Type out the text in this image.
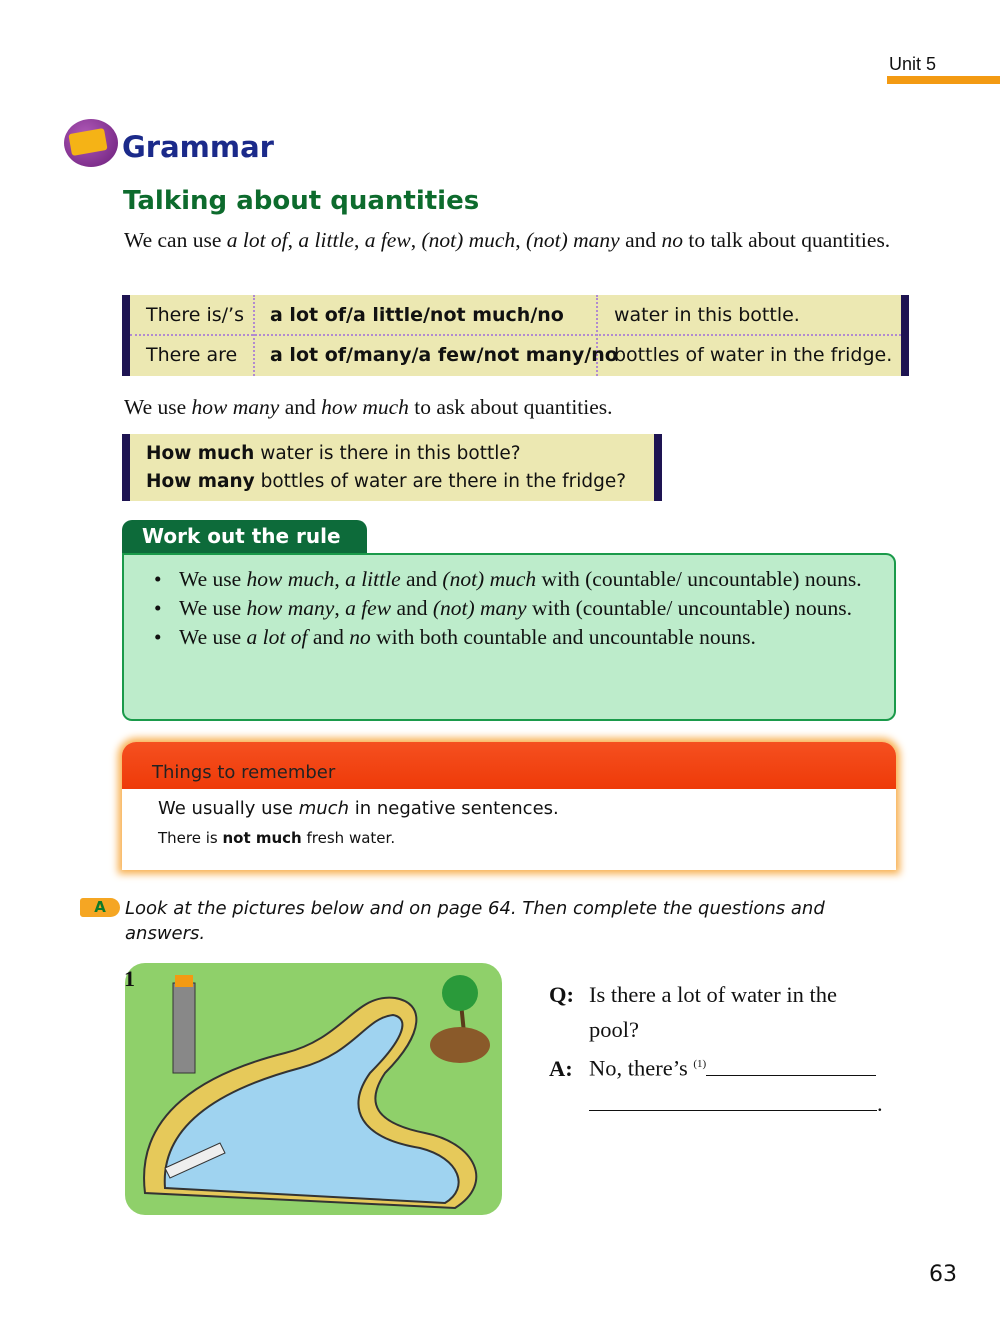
Unit 5
Grammar
Talking about quantities

We can use a lot of, a little, a few, (not) much, (not) many and no to talk about quantities.

There is/’s a lot of/a little/not much/no	water in this bottle.
There are a lot of/many/a few/not many/no
bottles of water in the fridge.

We use how many and how much to ask about quantities.

How much water is there in this bottle?
How many bottles of water are there in the fridge?
Work out the rule
• We use how much, a little and (not) much with (countable/ uncountable) nouns.
• We use how many, a few and (not) many with (countable/ uncountable) nouns.
• We use a lot of and no with both countable and uncountable nouns.
Things to remember
We usually use much in negative sentences.
There is not much fresh water.
A	Look at the pictures below and on page 64. Then complete the questions and answers.
1
Q: Is there a lot of water in the pool?
A: No, there’s $^{(1)}$
.
63
